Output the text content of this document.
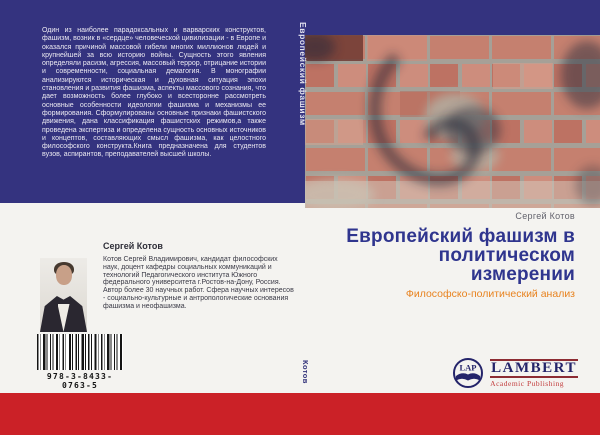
Один из наиболее парадоксальных и варварских конструктов, фашизм, возник в «сердце» человеческой цивилизации - в Европе и оказался причиной массовой гибели многих миллионов людей и крупнейшей за всю историю войны. Сущность этого явления определяли расизм, агрессия, массовый террор, отрицание истории и современности, социальная демагогия. В монографии анализируются историческая и духовная ситуация эпохи становления и развития фашизма, аспекты массового сознания, что дает возможность более глубоко и всесторонне рассмотреть основные особенности идеологии фашизма и механизмы ее формирования. Сформулированы основные признаки фашистского движения, дана классификация фашистских режимов,а также проведена экспертиза и определена сущность основных источников и концептов, составляющих смысл фашизма, как целостного философского конструкта.Книга предназначена для студентов вузов, аспирантов, преподавателей высшей школы.
Европейский фашизм
Котов
Сергей Котов
Европейский фашизм в
политическом
измерении
Философско-политический анализ
Сергей Котов
Котов Сергей Владимирович, кандидат философских наук, доцент кафедры социальных коммуникаций и технологий Педагогического института Южного федерального университета г.Ростов-на-Дону, Россия. Автор более 30 научных работ. Сфера научных интересов - социально-культурные и антропологические основания фашизма и неофашизма.
978-3-8433-0763-5
LAP LAMBERT
Academic Publishing
